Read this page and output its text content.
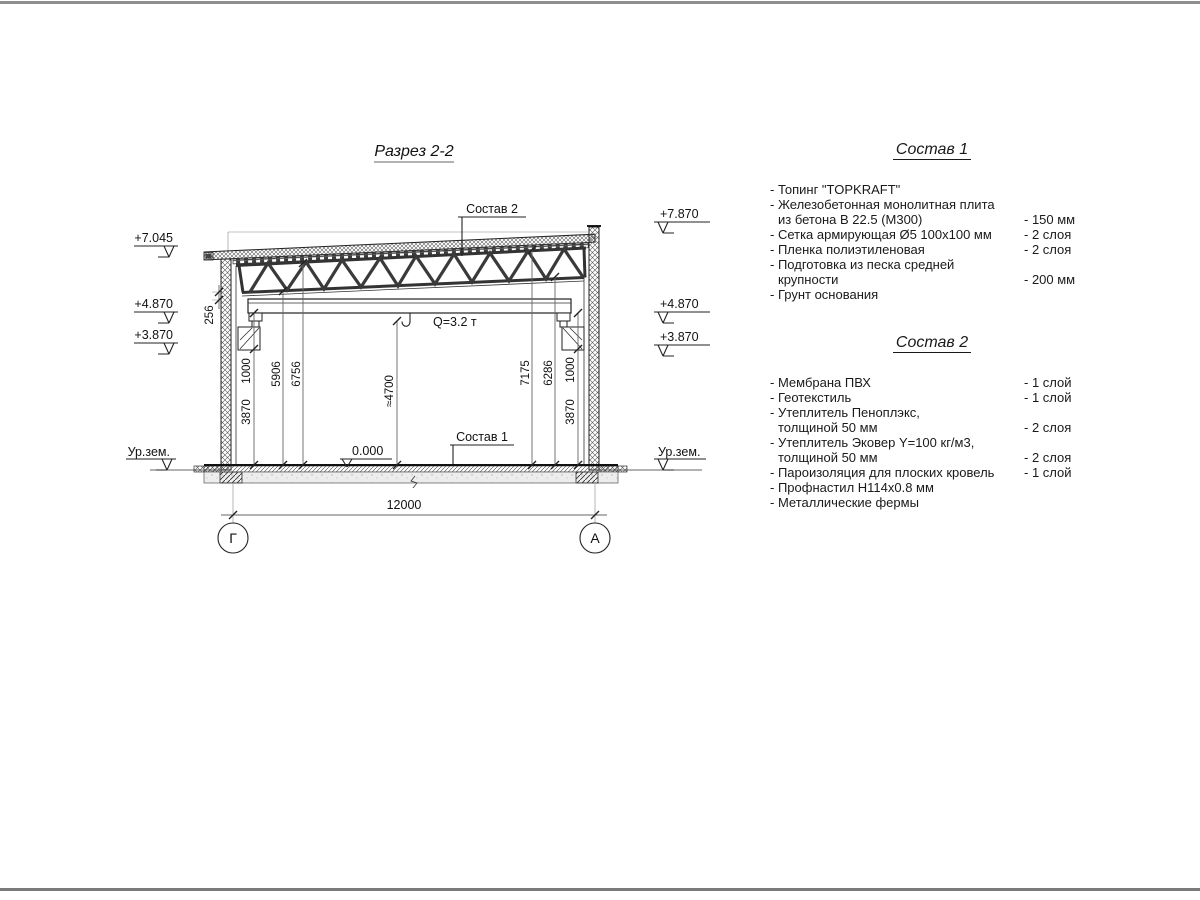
Разрез 2-2
Q=3.2 т
256
1000
3870
5906 6756
≈4700
7175 6286 1000
3870
12000
Г	А
+7.045
+4.870
+3.870
Ур.зем.
+7.870
+4.870
+3.870
Ур.зем.
Состав 2
Состав 1
0.000
Состав 1
- Топинг "TOPKRAFT"
- Железобетонная монолитная плита
из бетона В 22.5 (М300)	- 150 мм
- Сетка армирующая Ø5 100х100 мм	- 2 слоя
- Пленка полиэтиленовая	- 2 слоя
- Подготовка из песка средней
крупности	- 200 мм
- Грунт основания
Состав 2
- Мембрана ПВХ	- 1 слой
- Геотекстиль	- 1 слой
- Утеплитель Пеноплэкс,
толщиной 50 мм	- 2 слоя
- Утеплитель Эковер Y=100 кг/м3,
толщиной 50 мм	- 2 слоя
- Пароизоляция для плоских кровель	- 1 слой
- Профнастил Н114х0.8 мм
- Металлические фермы
